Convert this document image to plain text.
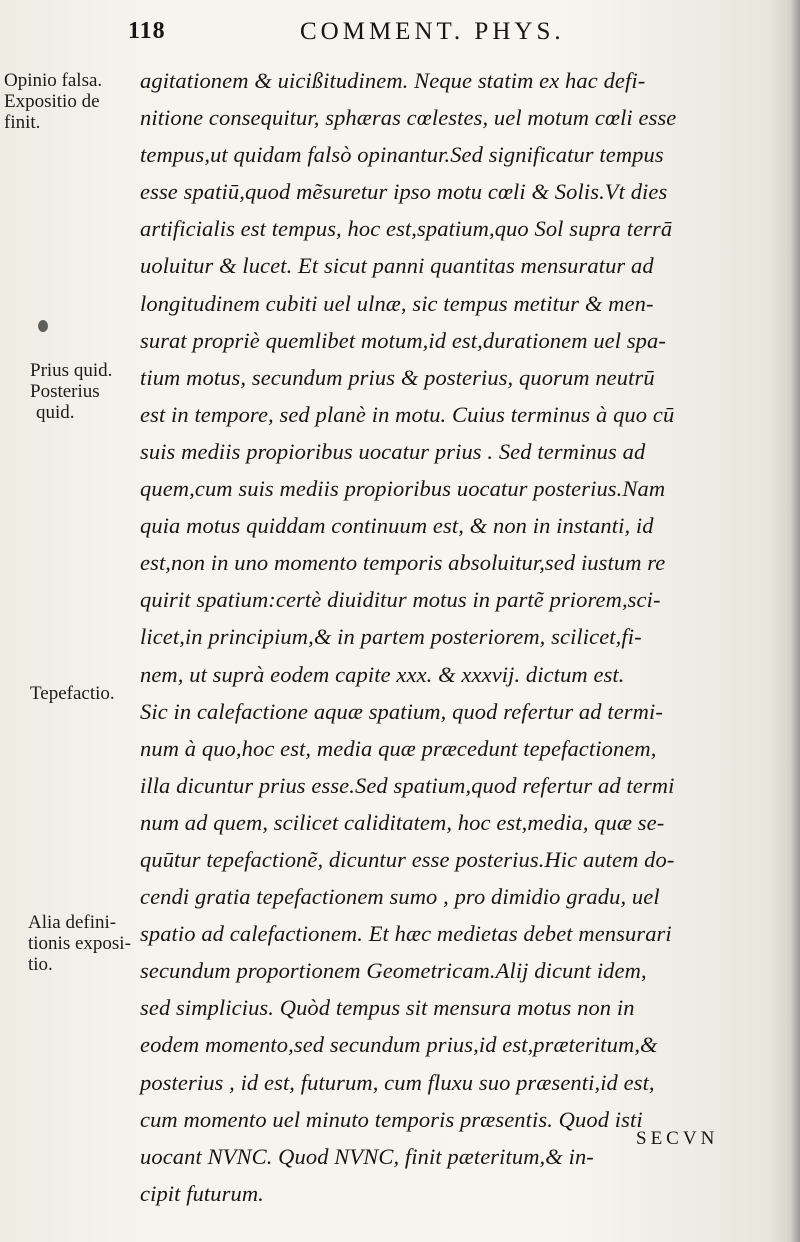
118	COMMENT. PHYS.
Opinio falsa.
Expositio de
finit.
Prius quid.
Posterius
quid.
Tepefactio.
Alia defini-
tionis exposi-
tio.
agitationem & uicißitudinem. Neque statim ex hac defi-
nitione consequitur, sphæras cœlestes, uel motum cœli esse
tempus,ut quidam falsò opinantur.Sed significatur tempus
esse spatiū,quod mẽsuretur ipso motu cœli & Solis.Vt dies
artificialis est tempus, hoc est,spatium,quo Sol supra terrā
uoluitur & lucet. Et sicut panni quantitas mensuratur ad
longitudinem cubiti uel ulnæ, sic tempus metitur & men-
surat propriè quemlibet motum,id est,durationem uel spa-
tium motus, secundum prius & posterius, quorum neutrū
est in tempore, sed planè in motu. Cuius terminus à quo cū
suis mediis propioribus uocatur prius . Sed terminus ad
quem,cum suis mediis propioribus uocatur posterius.Nam
quia motus quiddam continuum est, & non in instanti, id
est,non in uno momento temporis absoluitur,sed iustum re
quirit spatium:certè diuiditur motus in partẽ priorem,sci-
licet,in principium,& in partem posteriorem, scilicet,fi-
nem, ut suprà eodem capite xxx. & xxxvij. dictum est.
Sic in calefactione aquæ spatium, quod refertur ad termi-
num à quo,hoc est, media quæ præcedunt tepefactionem,
illa dicuntur prius esse.Sed spatium,quod refertur ad termi
num ad quem, scilicet caliditatem, hoc est,media, quæ se-
quūtur tepefactionẽ, dicuntur esse posterius.Hic autem do-
cendi gratia tepefactionem sumo , pro dimidio gradu, uel
spatio ad calefactionem. Et hæc medietas debet mensurari
secundum proportionem Geometricam.Alij dicunt idem,
sed simplicius. Quòd tempus sit mensura motus non in
eodem momento,sed secundum prius,id est,præteritum,&
posterius , id est, futurum, cum fluxu suo præsenti,id est,
cum momento uel minuto temporis præsentis. Quod isti
uocant NVNC. Quod NVNC, finit pæteritum,& in-
cipit futurum.
SECVN
